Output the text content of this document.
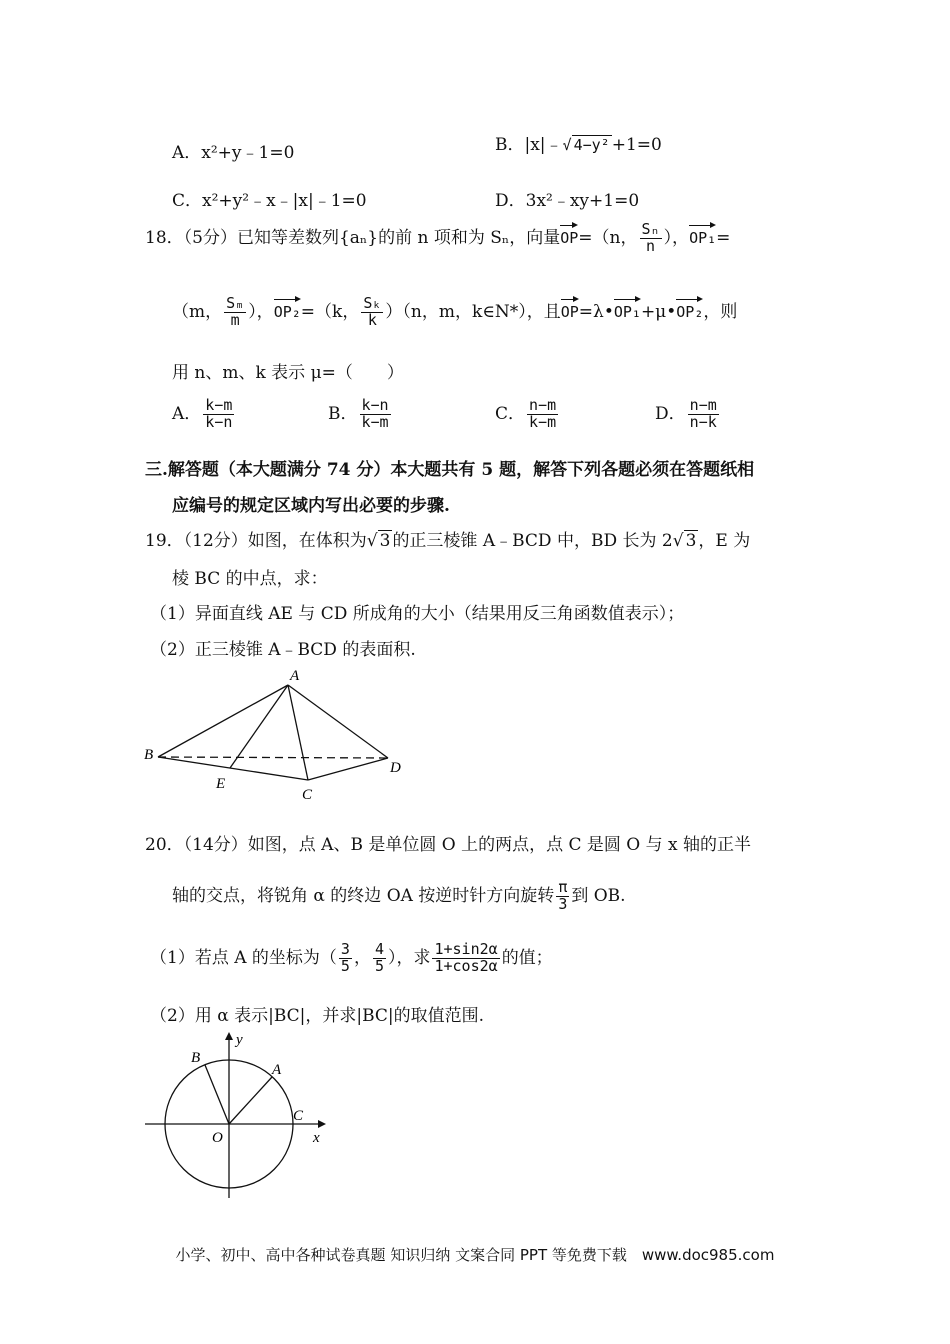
A．x²+y﹣1=0	B．|x|﹣√ 4−y² +1=0
C．x²+y²﹣x﹣|x|﹣1=0	D．3x²﹣xy+1=0
18．（5分）已知等差数列{aₙ}的前 n 项和为 Sₙ，向量OP=（n， $\frac{\text{Sₙ}}{n}$ ），OP₁=
（m， $\frac{\text{Sₘ}}{m}$ ），OP₂=（k， $\frac{\text{Sₖ}}{k} )(n$，m，k∈N*），且OP=λ•OP₁+μ•OP₂，则
用 n、m、k 表示 μ=（　　）
A． $\frac{k-m}{k-n}$	B． $\frac{k-n}{k-m}$	C． $\frac{n-m}{k-m}$	D． $\frac{n-m}{n-k}$
三.解答题（本大题满分 74 分）本大题共有 5 题，解答下列各题必须在答题纸相
应编号的规定区域内写出必要的步骤.
19．（12分）如图，在体积为√ 3 的正三棱锥 A﹣BCD 中，BD 长为 2√ 3 ，E 为
棱 BC 的中点，求：
（1）异面直线 AE 与 CD 所成角的大小（结果用反三角函数值表示）；
（2）正三棱锥 A﹣BCD 的表面积.
A
B
C
D
E
20．（14分）如图，点 A、B 是单位圆 O 上的两点，点 C 是圆 O 与 x 轴的正半
轴的交点，将锐角 α 的终边 OA 按逆时针方向旋转 $\frac{\pi}{3}$ 到 OB.
（1）若点 A 的坐标为（ $\frac{3}{5}$ ， $\frac{4}{5}$ ），求 $\frac{1+\sin 2\alpha}{1+\cos 2\alpha}$ 的值；
（2）用 α 表示|BC|，并求|BC|的取值范围.
A
B
C
O	x
y
小学、初中、高中各种试卷真题 知识归纳 文案合同 PPT 等免费下载　www.doc985.com
